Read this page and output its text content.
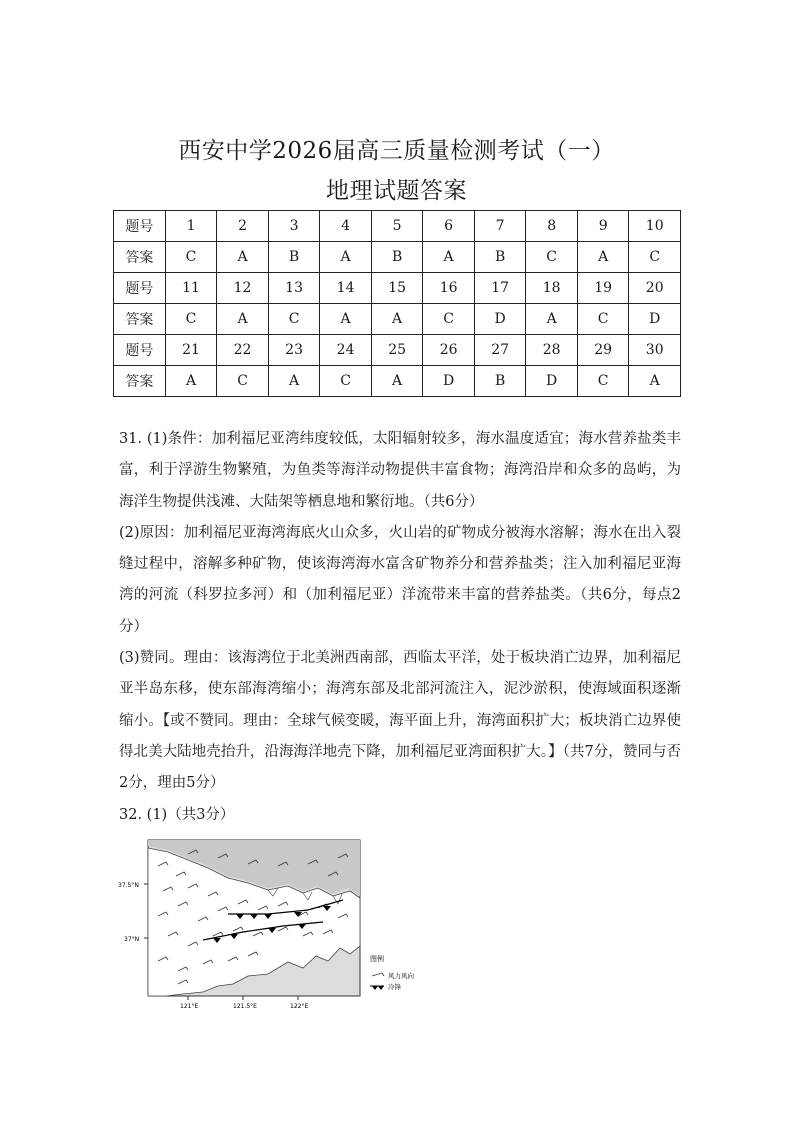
西安中学2026届高三质量检测考试（一）
地理试题答案
题号	1	2	3	4	5	6	7	8	9	10
答案	C	A	B	A	B	A	B	C	A	C
题号	11	12	13	14	15	16	17	18	19	20
答案	C	A	C	A	A	C	D	A	C	D
题号	21	22	23	24	25	26	27	28	29	30
答案	A	C	A	C	A	D	B	D	C	A

31. (1)条件：加利福尼亚湾纬度较低，太阳辐射较多，海水温度适宜；海水营养盐类丰富，利于浮游生物繁殖，为鱼类等海洋动物提供丰富食物；海湾沿岸和众多的岛屿，为海洋生物提供浅滩、大陆架等栖息地和繁衍地。（共6分）

(2)原因：加利福尼亚海湾海底火山众多，火山岩的矿物成分被海水溶解；海水在出入裂缝过程中，溶解多种矿物，使该海湾海水富含矿物养分和营养盐类；注入加利福尼亚海湾的河流（科罗拉多河）和（加利福尼亚）洋流带来丰富的营养盐类。（共6分，每点2分）

(3)赞同。理由：该海湾位于北美洲西南部，西临太平洋，处于板块消亡边界，加利福尼亚半岛东移，使东部海湾缩小；海湾东部及北部河流注入，泥沙淤积，使海域面积逐渐缩小。【或不赞同。理由：全球气候变暖，海平面上升，海湾面积扩大；板块消亡边界使得北美大陆地壳抬升，沿海海洋地壳下降，加利福尼亚湾面积扩大。】（共7分，赞同与否2分，理由5分）

32. (1)（共3分）

37.5°N
37°N
121°E	121.5°E	122°E
图例
风力风向
冷锋
